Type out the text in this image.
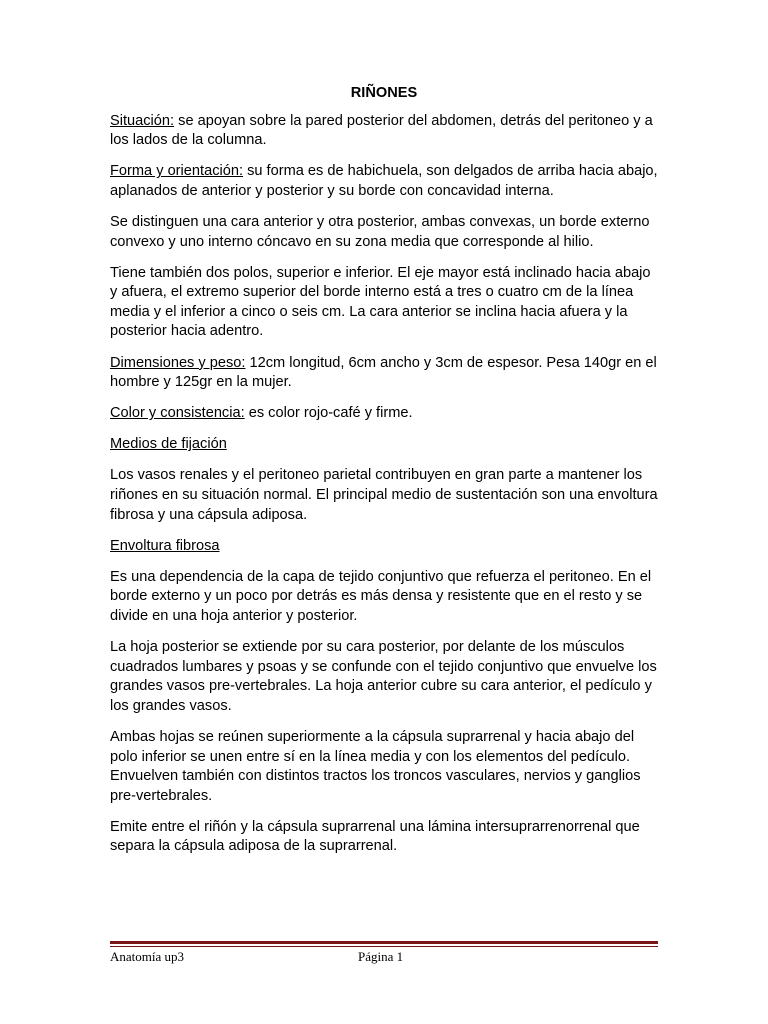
RIÑONES

Situación: se apoyan sobre la pared posterior del abdomen, detrás del peritoneo y a los lados de la columna.

Forma y orientación: su forma es de habichuela, son delgados de arriba hacia abajo, aplanados de anterior y posterior y su borde con concavidad interna.

Se distinguen una cara anterior y otra posterior, ambas convexas, un borde externo convexo y uno interno cóncavo en su zona media que corresponde al hilio.

Tiene también dos polos, superior e inferior. El eje mayor está inclinado hacia abajo y afuera, el extremo superior del borde interno está a tres o cuatro cm de la línea media y el inferior a cinco o seis cm. La cara anterior se inclina hacia afuera y la posterior hacia adentro.

Dimensiones y peso: 12cm longitud, 6cm ancho y 3cm de espesor. Pesa 140gr en el hombre y 125gr en la mujer.

Color y consistencia: es color rojo-café y firme.

Medios de fijación

Los vasos renales y el peritoneo parietal contribuyen en gran parte a mantener los riñones en su situación normal. El principal medio de sustentación son una envoltura fibrosa y una cápsula adiposa.

Envoltura fibrosa

Es una dependencia de la capa de tejido conjuntivo que refuerza el peritoneo. En el borde externo y un poco por detrás es más densa y resistente que en el resto y se divide en una hoja anterior y posterior.

La hoja posterior se extiende por su cara posterior, por delante de los músculos cuadrados lumbares y psoas y se confunde con el tejido conjuntivo que envuelve los grandes vasos pre-vertebrales. La hoja anterior cubre su cara anterior, el pedículo y los grandes vasos.

Ambas hojas se reúnen superiormente a la cápsula suprarrenal y hacia abajo del polo inferior se unen entre sí en la línea media y con los elementos del pedículo. Envuelven también con distintos tractos los troncos vasculares, nervios y ganglios pre-vertebrales.

Emite entre el riñón y la cápsula suprarrenal una lámina intersuprarrenorrenal que separa la cápsula adiposa de la suprarrenal.

Anatomía up3	Página 1
